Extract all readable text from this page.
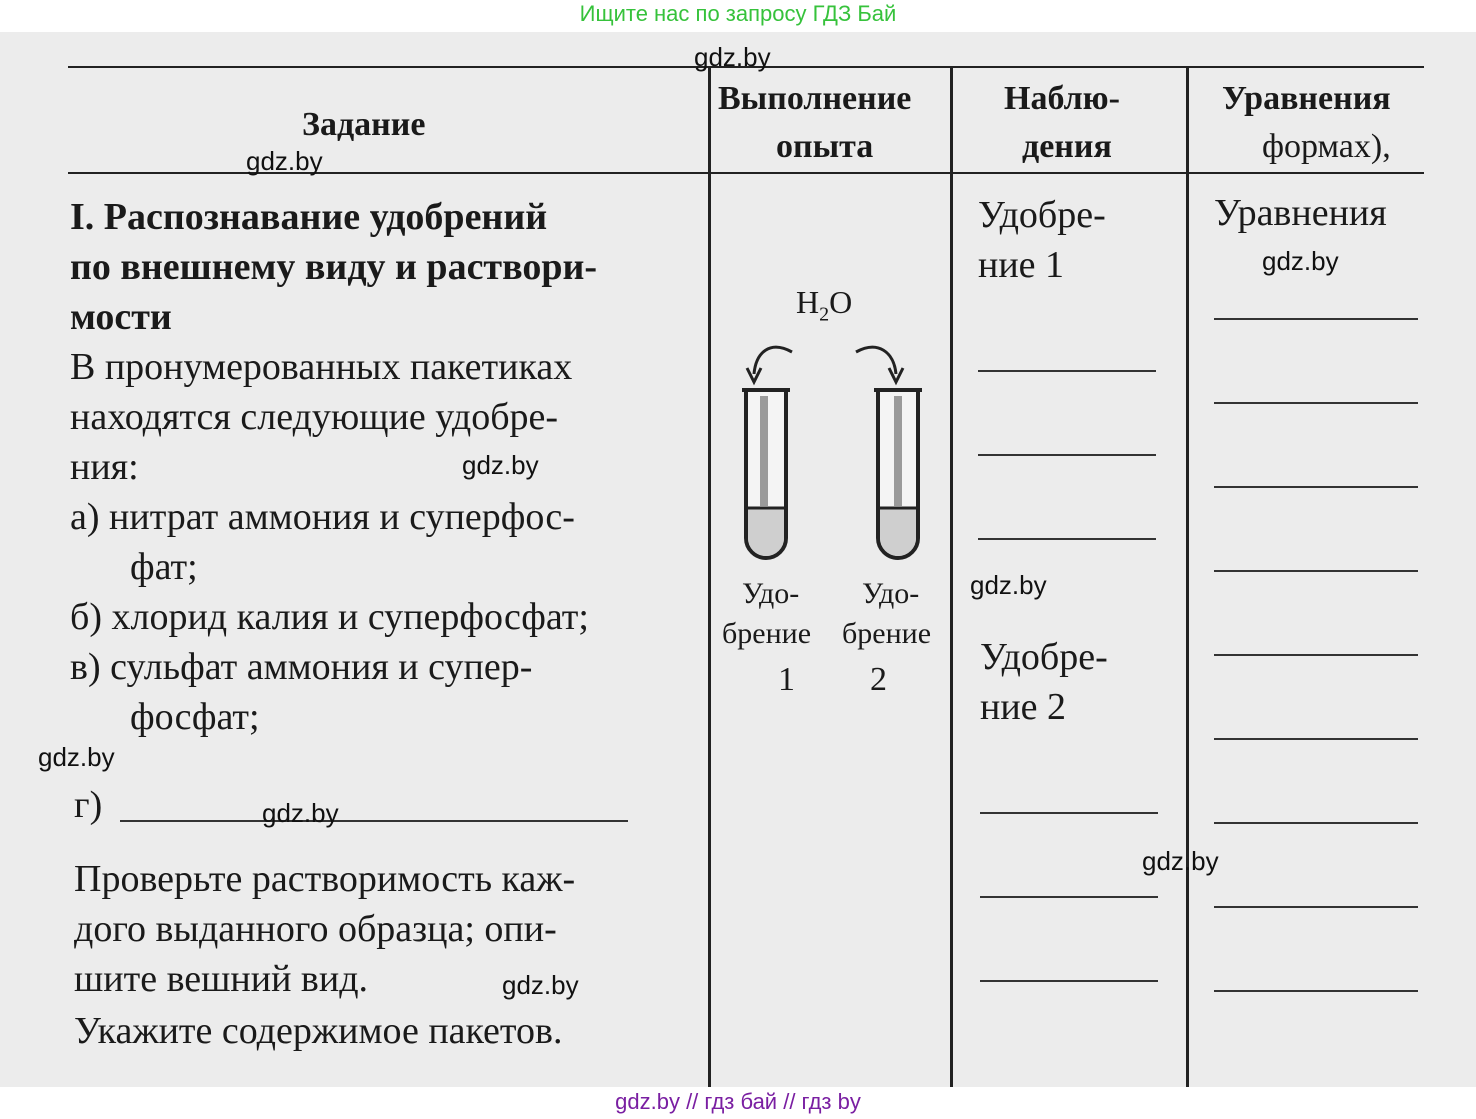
Ищите нас по запросу ГДЗ Бай
Задание
Выполнение
опыта
Наблю-
дения
Уравнения
формах),
I. Распознавание удобрений
по внешнему виду и раствори-
мости
В пронумерованных пакетиках
находятся следующие удобре-
ния:
а) нитрат аммония и суперфос-
фат;
б) хлорид калия и суперфосфат;
в) сульфат аммония и супер-
фосфат;
г)
Проверьте растворимость каж-
дого выданного образца; опи-
шите вешний вид.
Укажите содержимое пакетов.
$H_2O$
Удо-
брение
1
Удо-
брение
2
Удобре-
ние 1
Удобре-
ние 2
Уравнения
gdz.by
gdz.by
gdz.by
gdz.by
gdz.by
gdz.by
gdz.by
gdz.by
gdz.by
gdz.by // гдз бай // гдз by
